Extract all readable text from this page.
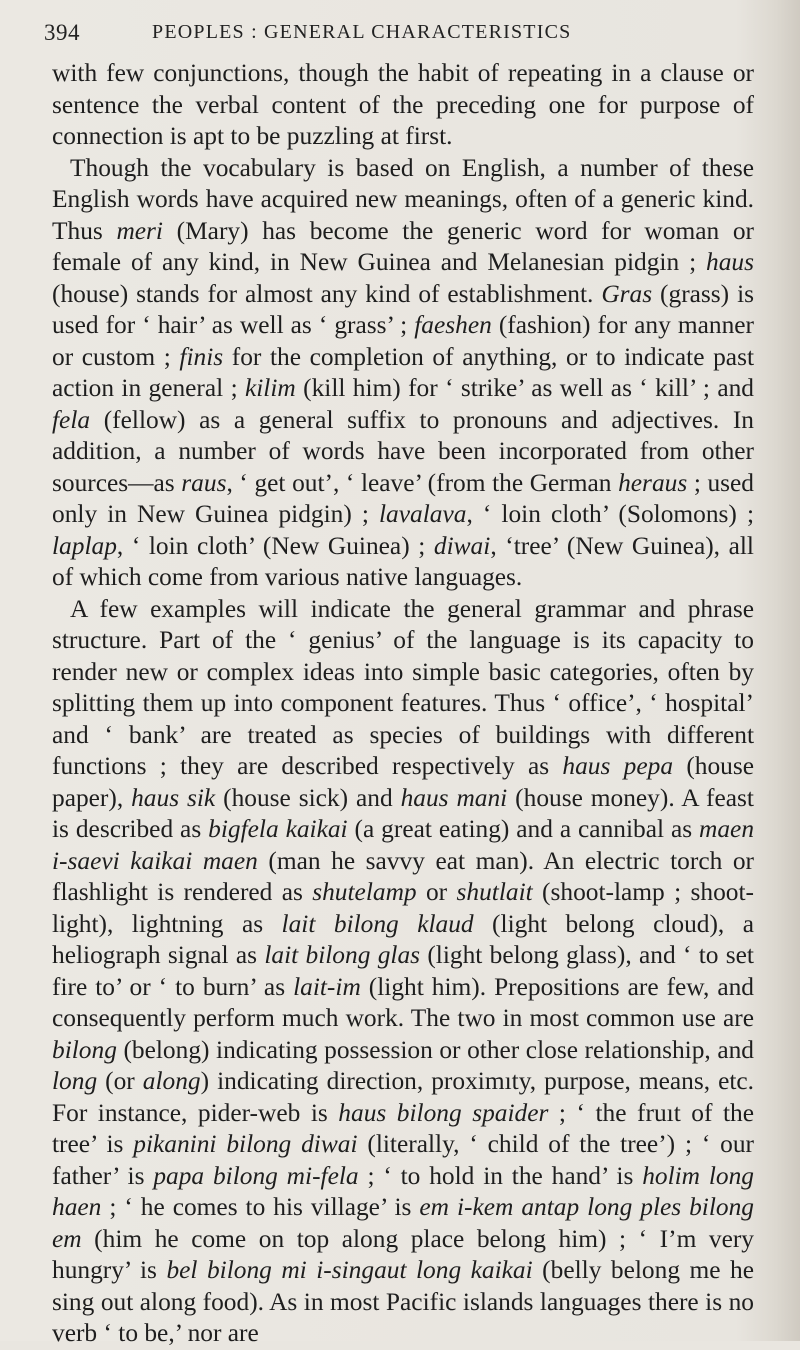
394	PEOPLES : GENERAL CHARACTERISTICS

with few conjunctions, though the habit of repeating in a clause or sentence the verbal content of the preceding one for purpose of connection is apt to be puzzling at first.

Though the vocabulary is based on English, a number of these English words have acquired new meanings, often of a generic kind. Thus meri (Mary) has become the generic word for woman or female of any kind, in New Guinea and Melanesian pidgin ; haus (house) stands for almost any kind of establishment. Gras (grass) is used for ‘ hair’ as well as ‘ grass’ ; faeshen (fashion) for any manner or custom ; finis for the completion of anything, or to indicate past action in general ; kilim (kill him) for ‘ strike’ as well as ‘ kill’ ; and fela (fellow) as a general suffix to pronouns and adjectives. In addition, a number of words have been incorporated from other sources—as raus, ‘ get out’, ‘ leave’ (from the German heraus ; used only in New Guinea pidgin) ; lavalava, ‘ loin cloth’ (Solomons) ; laplap, ‘ loin cloth’ (New Guinea) ; diwai, ‘tree’ (New Guinea), all of which come from various native languages.

A few examples will indicate the general grammar and phrase structure. Part of the ‘ genius’ of the language is its capacity to render new or complex ideas into simple basic categories, often by splitting them up into component features. Thus ‘ office’, ‘ hospital’ and ‘ bank’ are treated as species of buildings with different functions ; they are described respectively as haus pepa (house paper), haus sik (house sick) and haus mani (house money). A feast is described as bigfela kaikai (a great eating) and a cannibal as maen i-saevi kaikai maen (man he savvy eat man). An electric torch or flashlight is rendered as shutelamp or shutlait (shoot-lamp ; shoot-light), lightning as lait bilong klaud (light belong cloud), a heliograph signal as lait bilong glas (light belong glass), and ‘ to set fire to’ or ‘ to burn’ as lait-im (light him). Prepositions are few, and consequently perform much work. The two in most common use are bilong (belong) indicating possession or other close relationship, and long (or along) indicating direction, proximıty, purpose, means, etc. For instance, pider-web is haus bilong spaider ; ‘ the fruıt of the tree’ is pikanini bilong diwai (literally, ‘ child of the tree’) ; ‘ our father’ is papa bilong mi-fela ; ‘ to hold in the hand’ is holim long haen ; ‘ he comes to his village’ is em i-kem antap long ples bilong em (him he come on top along place belong him) ; ‘ I’m very hungry’ is bel bilong mi i-singaut long kaikai (belly belong me he sing out along food). As in most Pacific islands languages there is no verb ‘ to be,’ nor are
